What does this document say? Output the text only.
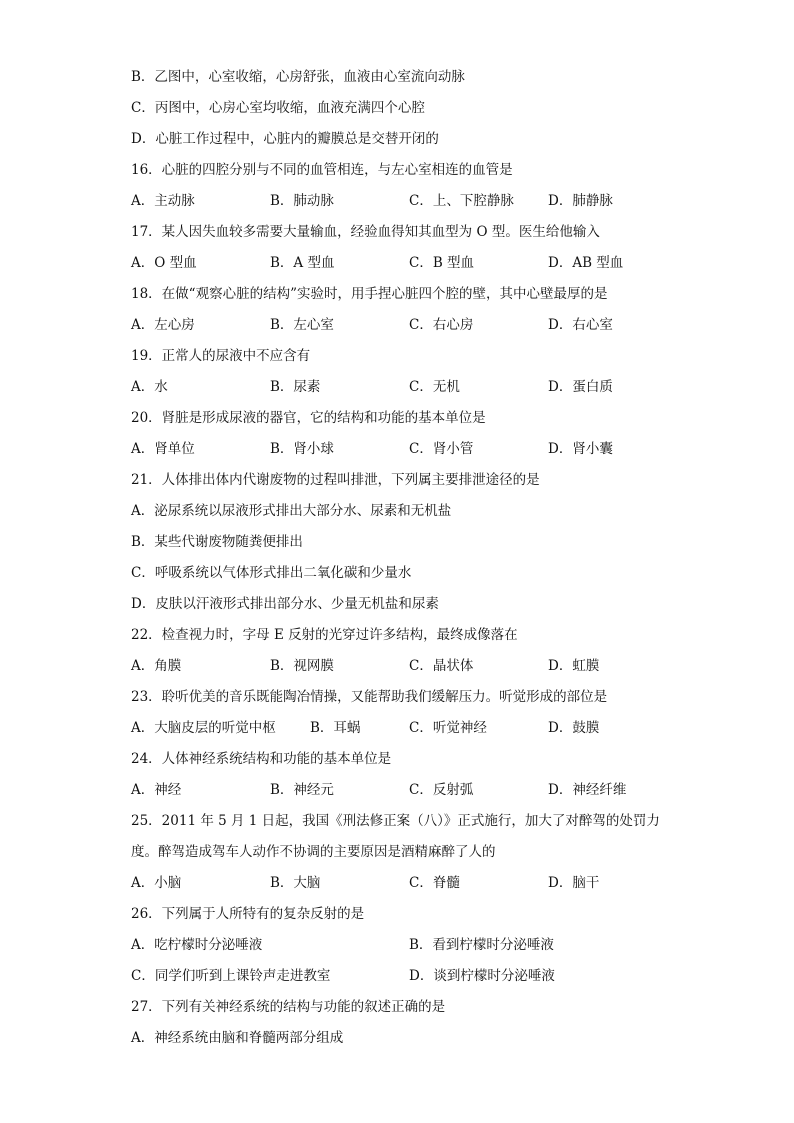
B．乙图中，心室收缩，心房舒张，血液由心室流向动脉
C．丙图中，心房心室均收缩，血液充满四个心腔
D．心脏工作过程中，心脏内的瓣膜总是交替开闭的
16．心脏的四腔分别与不同的血管相连，与左心室相连的血管是
A．主动脉	B．肺动脉	C．上、下腔静脉	D．肺静脉
17．某人因失血较多需要大量输血，经验血得知其血型为 O 型。医生给他输入
A．O 型血	B．A 型血	C．B 型血	D．AB 型血
18．在做“观察心脏的结构”实验时，用手捏心脏四个腔的壁，其中心壁最厚的是
A．左心房	B．左心室	C．右心房	D．右心室
19．正常人的尿液中不应含有
A．水	B．尿素	C．无机	D．蛋白质
20．肾脏是形成尿液的器官，它的结构和功能的基本单位是
A．肾单位	B．肾小球	C．肾小管	D．肾小囊
21．人体排出体内代谢废物的过程叫排泄，下列属主要排泄途径的是
A．泌尿系统以尿液形式排出大部分水、尿素和无机盐
B．某些代谢废物随粪便排出
C．呼吸系统以气体形式排出二氧化碳和少量水
D．皮肤以汗液形式排出部分水、少量无机盐和尿素
22．检查视力时，字母 E 反射的光穿过许多结构，最终成像落在
A．角膜	B．视网膜	C．晶状体	D．虹膜
23．聆听优美的音乐既能陶冶情操，又能帮助我们缓解压力。听觉形成的部位是
A．大脑皮层的听觉中枢	B．耳蜗	C．听觉神经	D．鼓膜
24．人体神经系统结构和功能的基本单位是
A．神经	B．神经元	C．反射弧	D．神经纤维
25．2011 年 5 月 1 日起，我国《刑法修正案（八）》正式施行，加大了对醉驾的处罚力
度。醉驾造成驾车人动作不协调的主要原因是酒精麻醉了人的
A．小脑	B．大脑	C．脊髓	D．脑干
26．下列属于人所特有的复杂反射的是
A．吃柠檬时分泌唾液	B．看到柠檬时分泌唾液
C．同学们听到上课铃声走进教室	D．谈到柠檬时分泌唾液
27．下列有关神经系统的结构与功能的叙述正确的是
A．神经系统由脑和脊髓两部分组成
